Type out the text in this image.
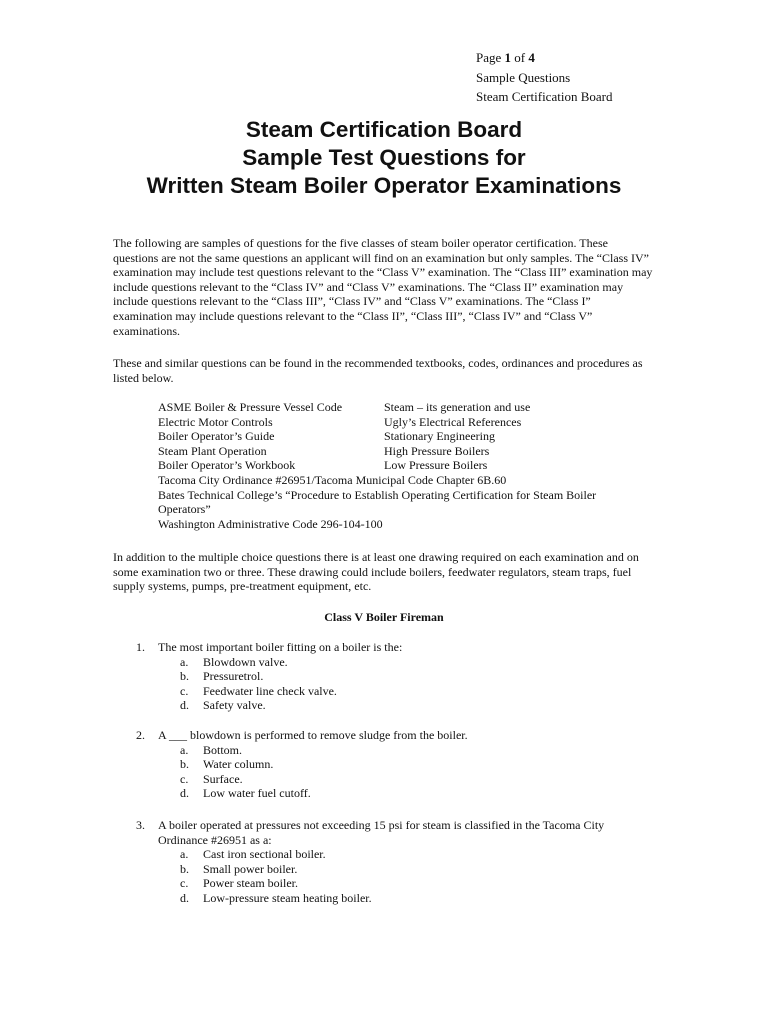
Page 1 of 4
Sample Questions
Steam Certification Board
Steam Certification Board
Sample Test Questions for
Written Steam Boiler Operator Examinations
The following are samples of questions for the five classes of steam boiler operator certification. These questions are not the same questions an applicant will find on an examination but only samples. The “Class IV” examination may include test questions relevant to the “Class V” examination. The “Class III” examination may include questions relevant to the “Class IV” and “Class V” examinations. The “Class II” examination may include questions relevant to the “Class III”, “Class IV” and “Class V” examinations. The “Class I” examination may include questions relevant to the “Class II”, “Class III”, “Class IV” and “Class V” examinations.
These and similar questions can be found in the recommended textbooks, codes, ordinances and procedures as listed below.
ASME Boiler & Pressure Vessel Code	Steam – its generation and use
Electric Motor Controls	Ugly’s Electrical References
Boiler Operator’s Guide	Stationary Engineering
Steam Plant Operation	High Pressure Boilers
Boiler Operator’s Workbook	Low Pressure Boilers
Tacoma City Ordinance #26951/Tacoma Municipal Code Chapter 6B.60
Bates Technical College’s “Procedure to Establish Operating Certification for Steam Boiler Operators”
Washington Administrative Code 296-104-100
In addition to the multiple choice questions there is at least one drawing required on each examination and on some examination two or three. These drawing could include boilers, feedwater regulators, steam traps, fuel supply systems, pumps, pre-treatment equipment, etc.
Class V Boiler Fireman
1. The most important boiler fitting on a boiler is the:
a. Blowdown valve.
b. Pressuretrol.
c. Feedwater line check valve.
d. Safety valve.
2. A ___ blowdown is performed to remove sludge from the boiler.
a. Bottom.
b. Water column.
c. Surface.
d. Low water fuel cutoff.
3. A boiler operated at pressures not exceeding 15 psi for steam is classified in the Tacoma City Ordinance #26951 as a:
a. Cast iron sectional boiler.
b. Small power boiler.
c. Power steam boiler.
d. Low-pressure steam heating boiler.
